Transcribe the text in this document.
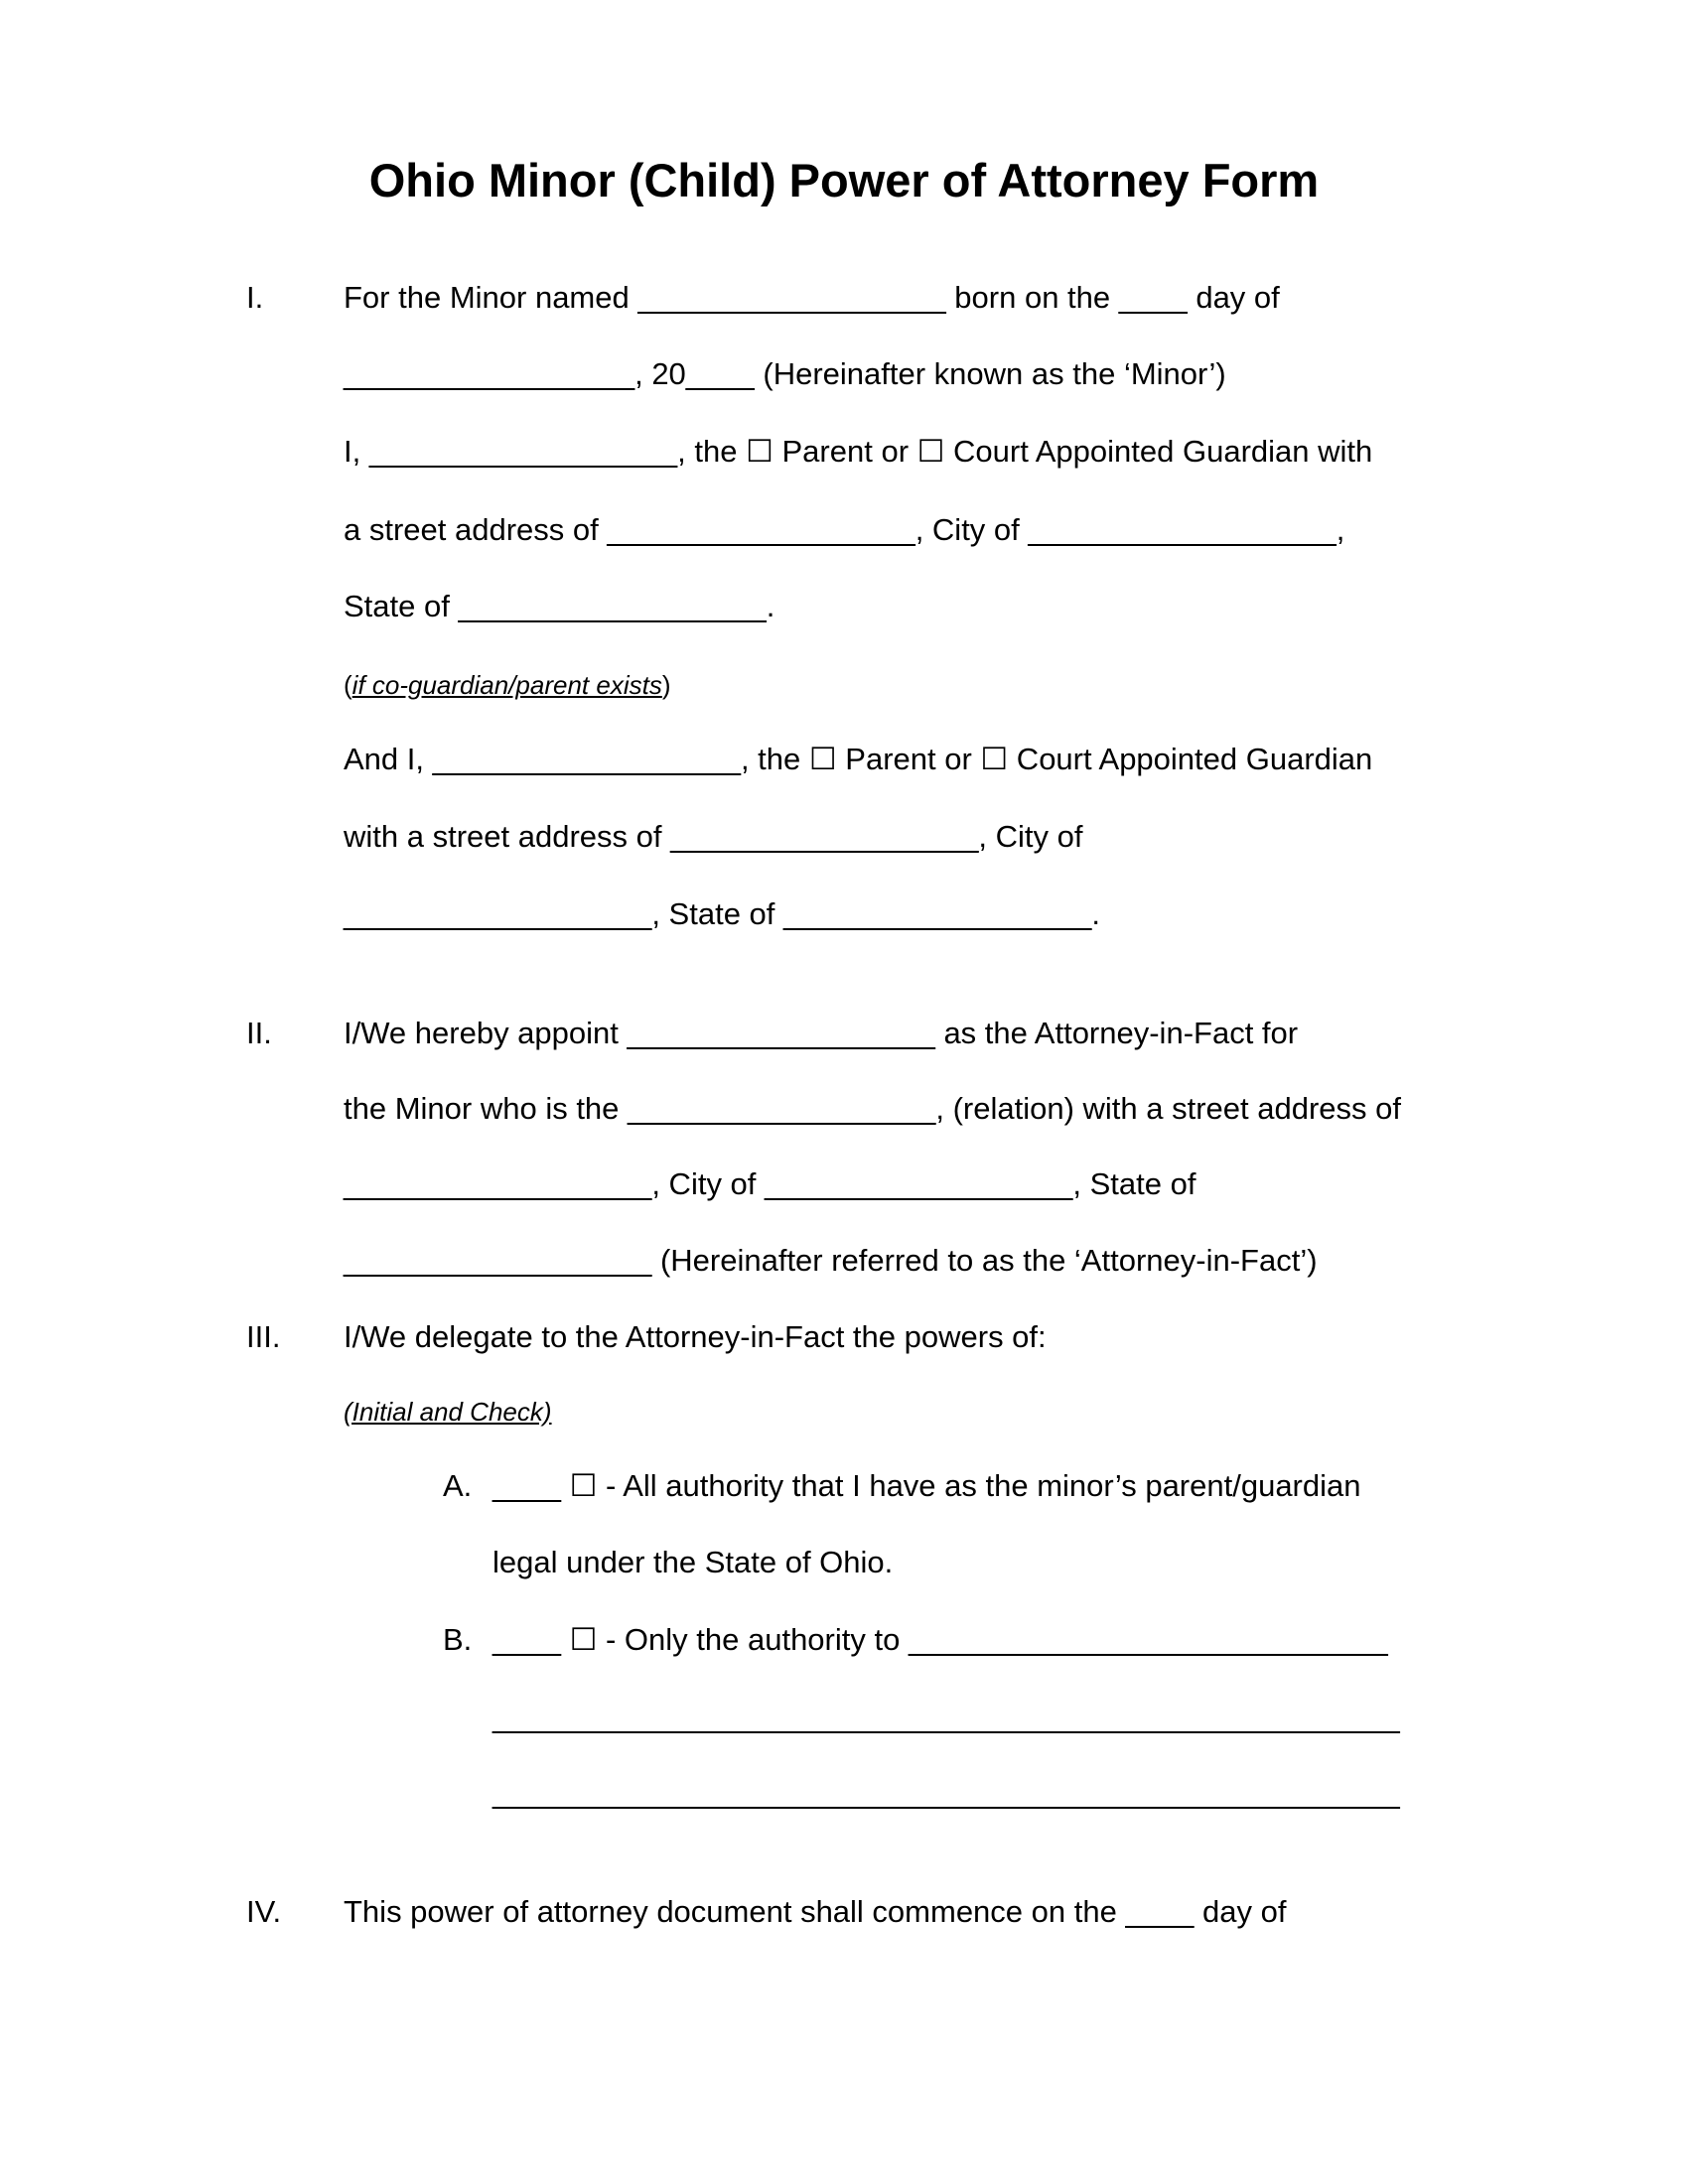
Ohio Minor (Child) Power of Attorney Form
I.	For the Minor named __________________ born on the ____ day of
_________________, 20____ (Hereinafter known as the ‘Minor’)
I, __________________, the ☐ Parent or ☐ Court Appointed Guardian with
a street address of __________________, City of __________________,
State of __________________.
(if co-guardian/parent exists)
And I, __________________, the ☐ Parent or ☐ Court Appointed Guardian
with a street address of __________________, City of
__________________, State of __________________.
II. I/We hereby appoint __________________ as the Attorney-in-Fact for
the Minor who is the __________________, (relation) with a street address of
__________________, City of __________________, State of
__________________ (Hereinafter referred to as the ‘Attorney-in-Fact’)
III. I/We delegate to the Attorney-in-Fact the powers of:
(Initial and Check)
A. ____ ☐ - All authority that I have as the minor’s parent/guardian
legal under the State of Ohio.
B. ____ ☐ - Only the authority to ____________________________
_____________________________________________________
_____________________________________________________
IV. This power of attorney document shall commence on the ____ day of
